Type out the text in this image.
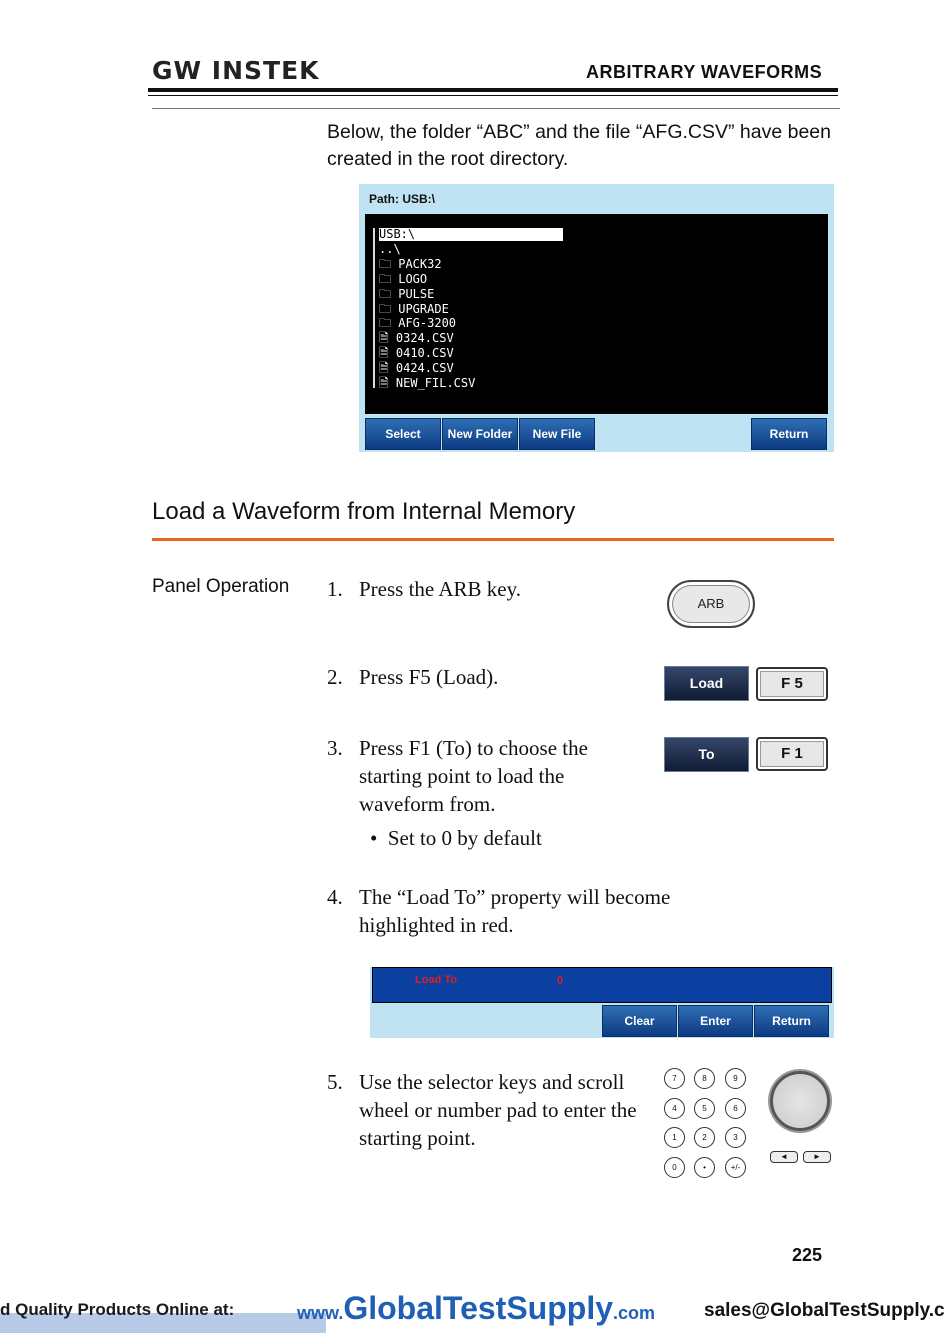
GW INSTEK	ARBITRARY WAVEFORMS
Below, the folder “ABC” and the file “AFG.CSV” have been created in the root directory.
Path: USB:\
USB:\
..\
🗀 PACK32
🗀 LOGO
🗀 PULSE
🗀 UPGRADE
🗀 AFG-3200
🗎 0324.CSV
🗎 0410.CSV
🗎 0424.CSV
🗎 NEW_FIL.CSV
Select	New Folder	New File	Return
Load a Waveform from Internal Memory
Panel Operation 1. Press the ARB key.
ARB
2. Press F5 (Load).	Load	F 5
3. Press F1 (To) to choose the starting point to load the waveform from.
To	F 1
•  Set to 0 by default
4. The “Load To” property will become highlighted in red.
Load To	0
Clear	Enter	Return
5. Use the selector keys and scroll wheel or number pad to enter the starting point.
7	8	9
4	5	6
1	2	3
0	•	+/-
◄	►
225
d Quality Products Online at:	www.GlobalTestSupply.com	sales@GlobalTestSupply.c
